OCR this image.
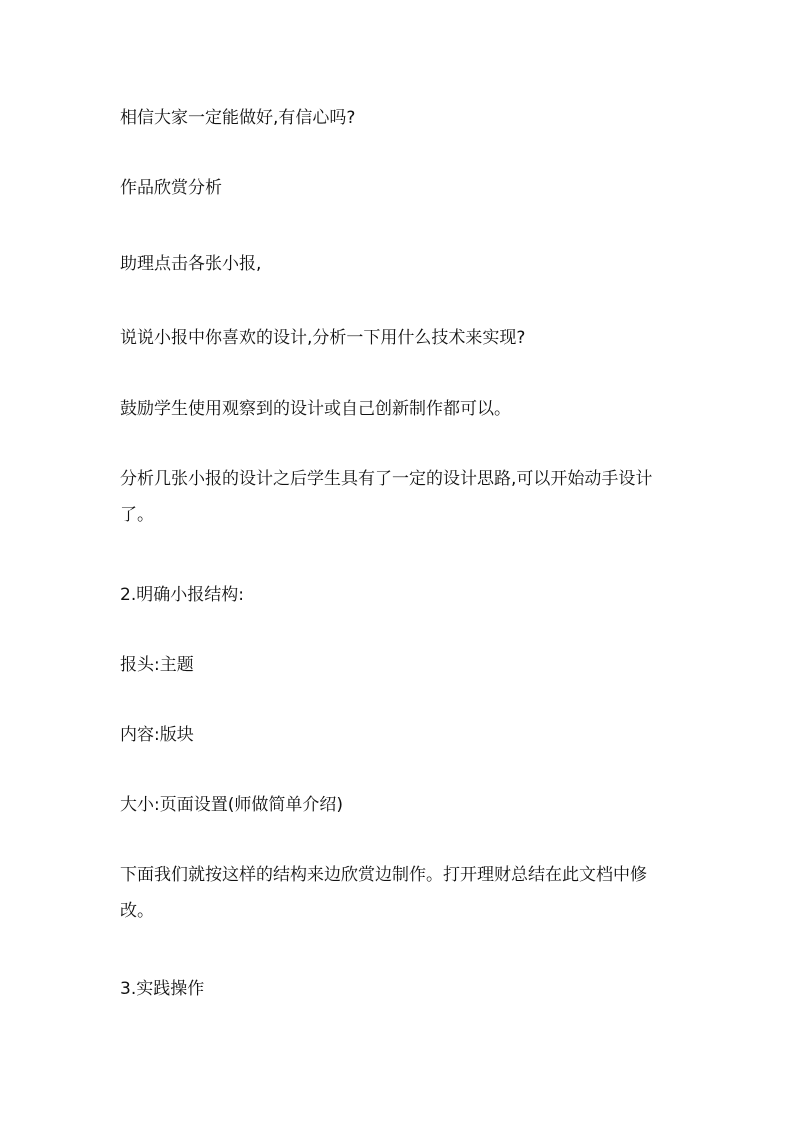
相信大家一定能做好,有信心吗?

作品欣赏分析

助理点击各张小报,

说说小报中你喜欢的设计,分析一下用什么技术来实现?

鼓励学生使用观察到的设计或自己创新制作都可以。

分析几张小报的设计之后学生具有了一定的设计思路,可以开始动手设计了。

2.明确小报结构:

报头:主题

内容:版块

大小:页面设置(师做简单介绍)

下面我们就按这样的结构来边欣赏边制作。打开理财总结在此文档中修改。

3.实践操作
